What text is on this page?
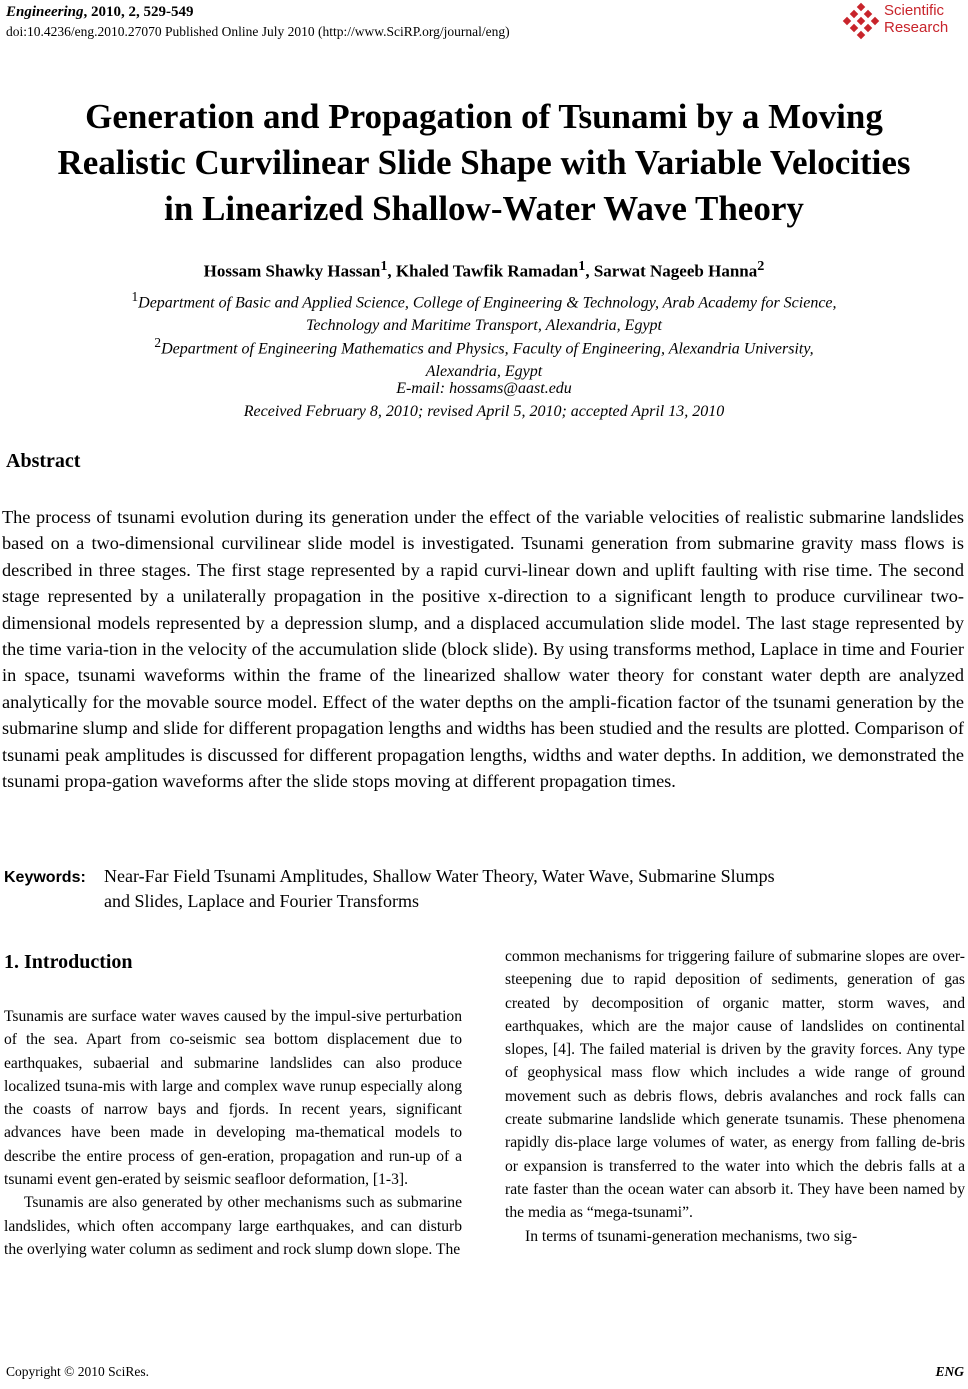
Engineering, 2010, 2, 529-549
doi:10.4236/eng.2010.27070 Published Online July 2010 (http://www.SciRP.org/journal/eng)
Scientific
Research
Generation and Propagation of Tsunami by a Moving
Realistic Curvilinear Slide Shape with Variable Velocities
in Linearized Shallow-Water Wave Theory
Hossam Shawky Hassan$^1$, Khaled Tawfik Ramadan$^1$, Sarwat Nageeb Hanna$^2$
$^1$Department of Basic and Applied Science, College of Engineering & Technology, Arab Academy for Science,
Technology and Maritime Transport, Alexandria, Egypt
$^2$Department of Engineering Mathematics and Physics, Faculty of Engineering, Alexandria University,
Alexandria, Egypt
E-mail: hossams@aast.edu
Received February 8, 2010; revised April 5, 2010; accepted April 13, 2010
Abstract
The process of tsunami evolution during its generation under the effect of the variable velocities of realistic submarine landslides based on a two-dimensional curvilinear slide model is investigated. Tsunami generation from submarine gravity mass flows is described in three stages. The first stage represented by a rapid curvi-linear down and uplift faulting with rise time. The second stage represented by a unilaterally propagation in the positive x-direction to a significant length to produce curvilinear two-dimensional models represented by a depression slump, and a displaced accumulation slide model. The last stage represented by the time varia-tion in the velocity of the accumulation slide (block slide). By using transforms method, Laplace in time and Fourier in space, tsunami waveforms within the frame of the linearized shallow water theory for constant water depth are analyzed analytically for the movable source model. Effect of the water depths on the ampli-fication factor of the tsunami generation by the submarine slump and slide for different propagation lengths and widths has been studied and the results are plotted. Comparison of tsunami peak amplitudes is discussed for different propagation lengths, widths and water depths. In addition, we demonstrated the tsunami propa-gation waveforms after the slide stops moving at different propagation times.
Keywords: Near-Far Field Tsunami Amplitudes, Shallow Water Theory, Water Wave, Submarine Slumps
and Slides, Laplace and Fourier Transforms
1. Introduction

Tsunamis are surface water waves caused by the impul-sive perturbation of the sea. Apart from co-seismic sea bottom displacement due to earthquakes, subaerial and submarine landslides can also produce localized tsuna-mis with large and complex wave runup especially along the coasts of narrow bays and fjords. In recent years, significant advances have been made in developing ma-thematical models to describe the entire process of gen-eration, propagation and run-up of a tsunami event gen-erated by seismic seafloor deformation, [1-3].

Tsunamis are also generated by other mechanisms such as submarine landslides, which often accompany large earthquakes, and can disturb the overlying water column as sediment and rock slump down slope. The

common mechanisms for triggering failure of submarine slopes are over-steepening due to rapid deposition of sediments, generation of gas created by decomposition of organic matter, storm waves, and earthquakes, which are the major cause of landslides on continental slopes, [4]. The failed material is driven by the gravity forces. Any type of geophysical mass flow which includes a wide range of ground movement such as debris flows, debris avalanches and rock falls can create submarine landslide which generate tsunamis. These phenomena rapidly dis-place large volumes of water, as energy from falling de-bris or expansion is transferred to the water into which the debris falls at a rate faster than the ocean water can absorb it. They have been named by the media as “mega-tsunami”.

In terms of tsunami-generation mechanisms, two sig-

Copyright © 2010 SciRes.	ENG
